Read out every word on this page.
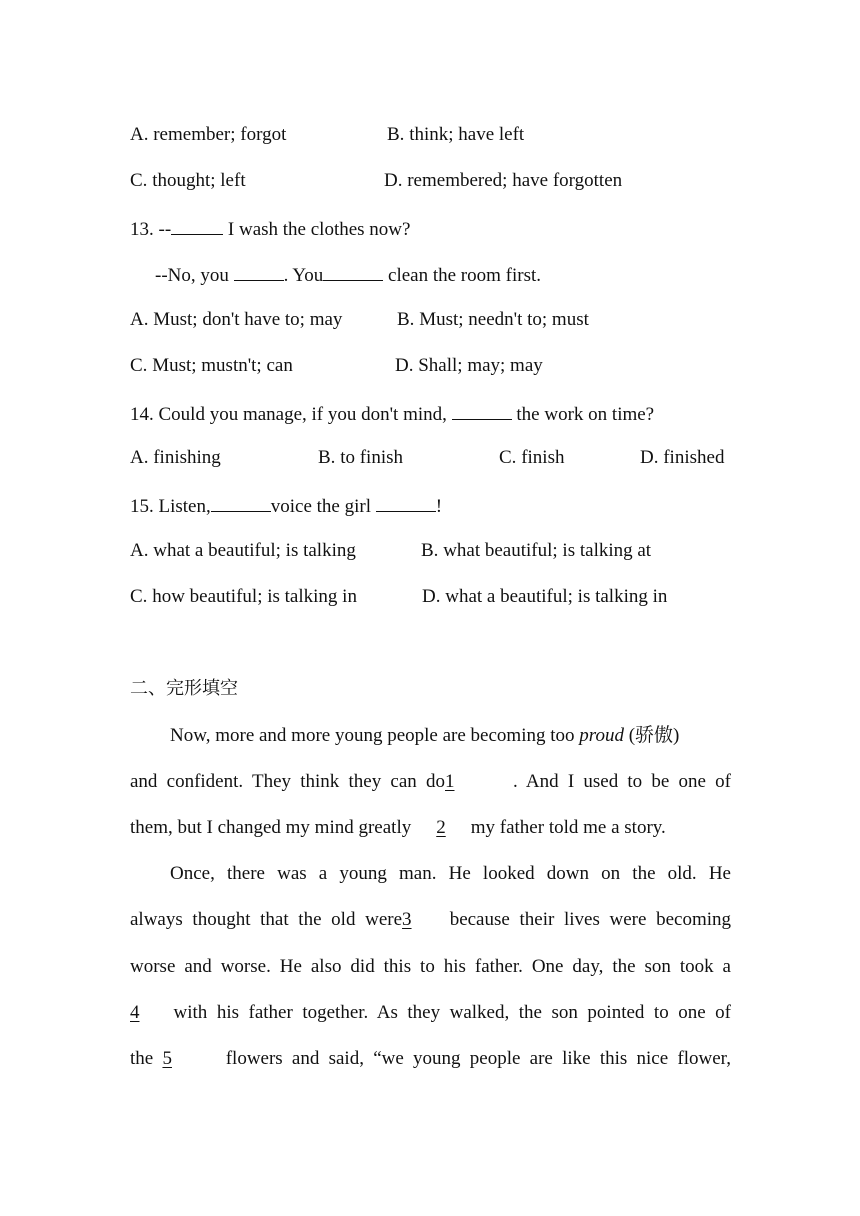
A. remember; forgot	B. think; have left
C. thought; left	D. remembered; have forgotten
13. --	I wash the clothes now?
--No, you	. You	clean the room first.
A. Must; don't have to; may	B. Must; needn't to; must
C. Must; mustn't; can	D. Shall; may; may
14. Could you manage, if you don't mind,	the work on time?
A. finishing	B. to finish	C. finish	D. finished
15. Listen,	voice the girl	!
A. what a beautiful; is talking	B. what beautiful; is talking at
C. how beautiful; is talking in	D. what a beautiful; is talking in
二、完形填空
Now, more and more young people are becoming too proud (骄傲)
and confident. They think they can do1	. And I used to be one of
them, but I changed my mind greatly 2 my father told me a story.
Once, there was a young man. He looked down on the old. He
always thought that the old were3 because their lives were becoming
worse and worse. He also did this to his father. One day, the son took a
4 with his father together. As they walked, the son pointed to one of
the 5 flowers and said, “we young people are like this nice flower,
